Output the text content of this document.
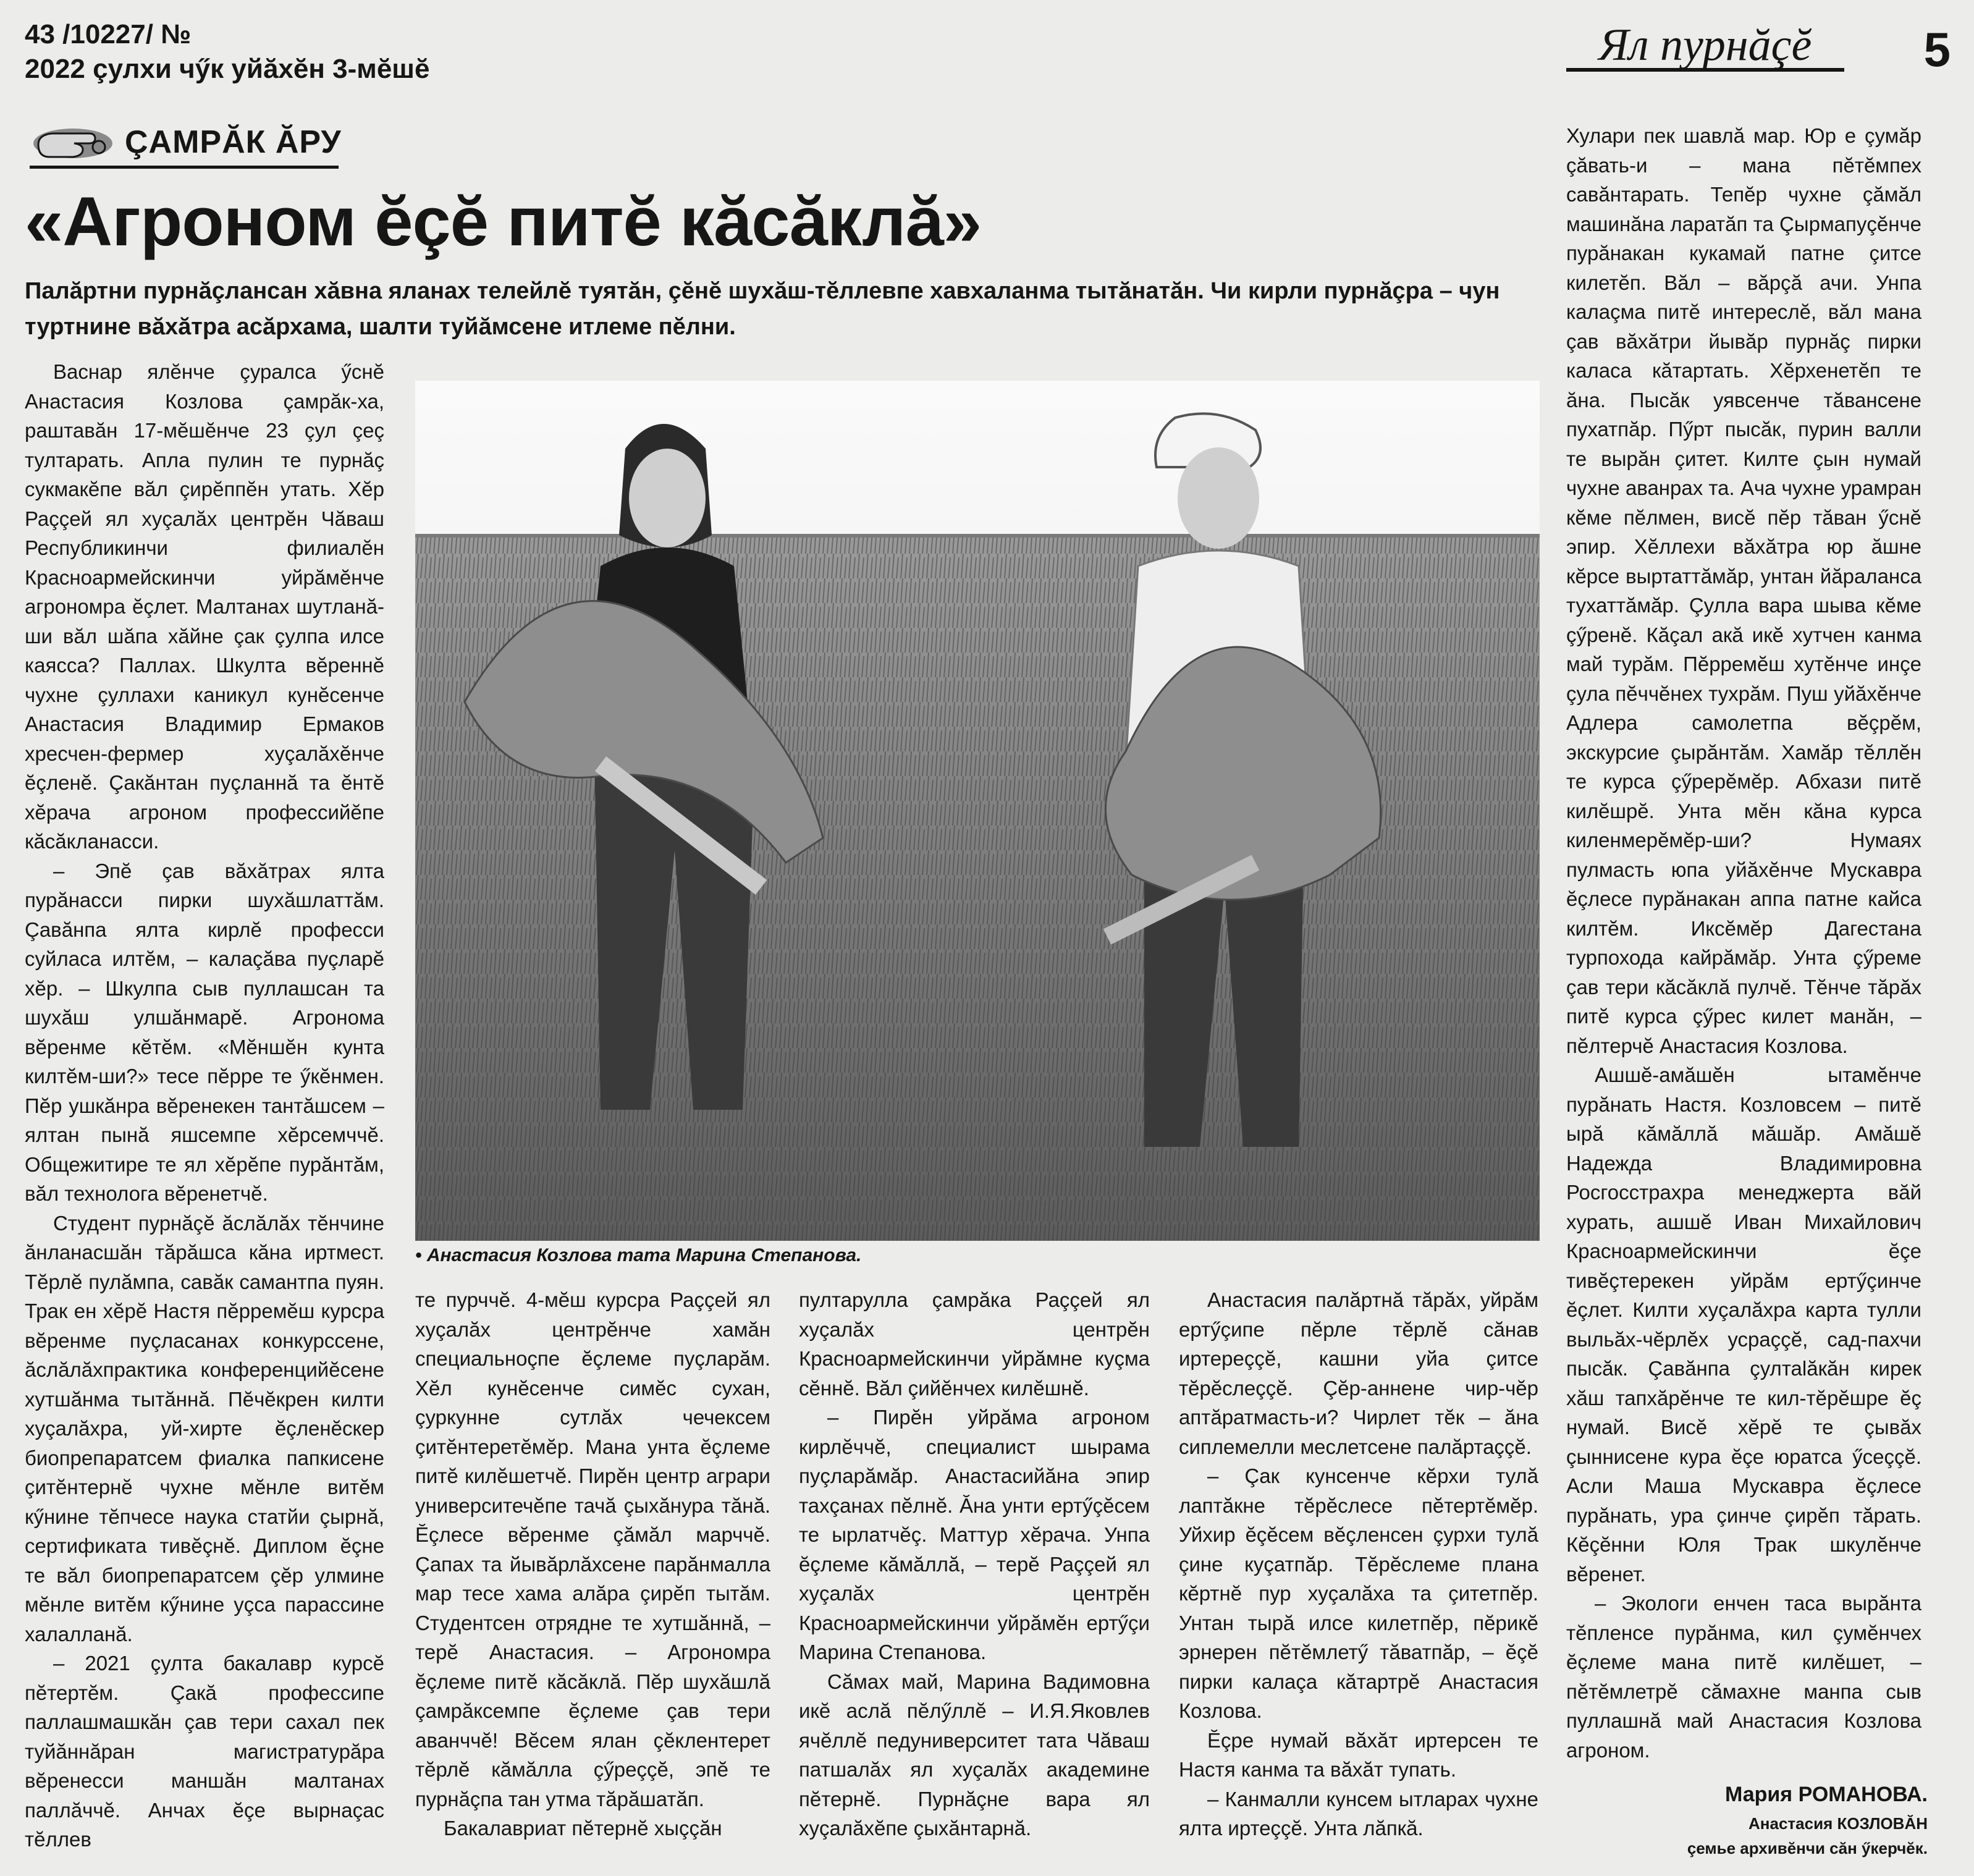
43 /10227/ №
2022 çулхи чӳк уйăхĕн 3-мĕшĕ	Ял пурнăçĕ	5
ÇАМРĂК ĂРУ
«Агроном ĕçĕ питĕ кăсăклă»
Палăртни пурнăçлансан хăвна яланах телейлĕ туятăн, çĕнĕ шухăш-тĕллевпе хавхаланма тытăнатăн. Чи кирли пурнăçра – чун туртнине вăхăтра асăрхама, шалти туйăмсене итлеме пĕлни.

Васнар ялĕнче çуралса ӳснĕ Анастасия Козлова çамрăк-ха, раштавăн 17-мĕшĕнче 23 çул çеç тултарать. Апла пулин те пурнăç сукмакĕпе вăл çирĕппĕн утать. Хĕр Раççей ял хуçалăх центрĕн Чăваш Республикинчи филиалĕн Красноармейскинчи уйрăмĕнче агрономра ĕçлет. Малтанах шутланă-ши вăл шăпа хăйне çак çулпа илсе каясса? Паллах. Шкулта вĕреннĕ чухне çуллахи каникул кунĕсенче Анастасия Владимир Ермаков хресчен-фермер хуçалăхĕнче ĕçленĕ. Çакăнтан пуçланнă та ĕнтĕ хĕрача агроном профессийĕпе кăсăкланасси.

– Эпĕ çав вăхăтрах ялта пурăнасси пирки шухăшлаттăм. Çавăнпа ялта кирлĕ професси суйласа илтĕм, – калаçăва пуçларĕ хĕр. – Шкулпа сыв пуллашсан та шухăш улшăнмарĕ. Агронома вĕренме кĕтĕм. «Мĕншĕн кунта килтĕм-ши?» тесе пĕрре те ӳкĕнмен. Пĕр ушкăнра вĕренекен тантăшсем – ялтан пынă яшсемпе хĕрсемччĕ. Общежитире те ял хĕрĕпе пурăнтăм, вăл технолога вĕренетчĕ.

Студент пурнăçĕ ăслăлăх тĕнчине ăнланасшăн тăрăшса кăна иртмест. Тĕрлĕ пулăмпа, савăк самантпа пуян. Трак ен хĕрĕ Настя пĕрремĕш курсра вĕренме пуçласанах конкурссене, ăслăлăхпрактика конференцийĕсене хутшăнма тытăннă. Пĕчĕкрен килти хуçалăхра, уй-хирте ĕçленĕскер биопрепаратсем фиалка папкисене çитĕнтернĕ чухне мĕнле витĕм кӳнине тĕпчесе наука статйи çырнă, сертификата тивĕçнĕ. Диплом ĕçне те вăл биопрепаратсем çĕр улмине мĕнле витĕм кӳнине уçса парассине халалланă.

– 2021 çулта бакалавр курсĕ пĕтертĕм. Çакă профессипе паллашмашкăн çав тери сахал пек туйăннăран магистратурăра вĕренесси маншăн малтанах паллăччĕ. Анчах ĕçе вырнаçас тĕллев

• Анастасия Козлова тата Марина Степанова.

те пурччĕ. 4-мĕш курсра Раççей ял хуçалăх центрĕнче хамăн специальноçпе ĕçлеме пуçларăм. Хĕл кунĕсенче симĕс сухан, çуркунне сутлăх чечексем çитĕнтеретĕмĕр. Мана унта ĕçлеме питĕ килĕшетчĕ. Пирĕн центр аграри университечĕпе тачă çыхăнура тăнă. Ĕçлесе вĕренме çăмăл марччĕ. Çапах та йывăрлăхсене парăнмалла мар тесе хама алăра çирĕп тытăм. Студентсен отрядне те хутшăннă, – терĕ Анастасия. – Агрономра ĕçлеме питĕ кăсăклă. Пĕр шухăшлă çамрăксемпе ĕçлеме çав тери аванччĕ! Вĕсем ялан çĕклентерет тĕрлĕ кăмăлла çӳреççĕ, эпĕ те пурнăçпа тан утма тăрăшатăп.

Бакалавриат пĕтернĕ хыççăн

пултарулла çамрăка Раççей ял хуçалăх центрĕн Красноармейскинчи уйрăмне куçма сĕннĕ. Вăл çийĕнчех килĕшнĕ.

– Пирĕн уйрăма агроном кирлĕччĕ, специалист шырама пуçларăмăр. Анастасийăна эпир тахçанах пĕлнĕ. Ăна унти ертӳçĕсем те ырлатчĕç. Маттур хĕрача. Унпа ĕçлеме кăмăллă, – терĕ Раççей ял хуçалăх центрĕн Красноармейскинчи уйрăмĕн ертӳçи Марина Степанова.

Сăмах май, Марина Вадимовна икĕ аслă пĕлӳллĕ – И.Я.Яковлев ячĕллĕ педуниверситет тата Чăваш патшалăх ял хуçалăх академине пĕтернĕ. Пурнăçне вара ял хуçалăхĕпе çыхăнтарнă.

Анастасия палăртнă тăрăх, уйрăм ертӳçипе пĕрле тĕрлĕ сăнав иртереççĕ, кашни уйа çитсе тĕрĕслеççĕ. Çĕр-аннене чир-чĕр аптăратмасть-и? Чирлет тĕк – ăна сиплемелли меслетсене палăртаççĕ.

– Çак кунсенче кĕрхи тулă лаптăкне тĕрĕслесе пĕтертĕмĕр. Уйхир ĕçĕсем вĕçленсен çурхи тулă çине куçатпăр. Тĕрĕслеме плана кĕртнĕ пур хуçалăха та çитетпĕр. Унтан тырă илсе килетпĕр, пĕрикĕ эрнерен пĕтĕмлетӳ тăватпăр, – ĕçĕ пирки калаçа кăтартрĕ Анастасия Козлова.

Ĕçре нумай вăхăт иртерсен те Настя канма та вăхăт тупать.

– Канмалли кунсем ытларах чухне ялта иртеççĕ. Унта лăпкă.

Хулари пек шавлă мар. Юр е çумăр çăвать-и – мана пĕтĕмпех савăнтарать. Тепĕр чухне çăмăл машинăна ларатăп та Çырмапуçĕнче пурăнакан кукамай патне çитсе килетĕп. Вăл – вăрçă ачи. Унпа калаçма питĕ интереслĕ, вăл мана çав вăхăтри йывăр пурнăç пирки каласа кăтартать. Хĕрхенетĕп те ăна. Пысăк уявсенче тăвансене пухатпăр. Пӳрт пысăк, пурин валли те вырăн çитет. Килте çын нумай чухне аванрах та. Ача чухне урамран кĕме пĕлмен, висĕ пĕр тăван ӳснĕ эпир. Хĕллехи вăхăтра юр ăшне кĕрсе выртаттăмăр, унтан йăраланса тухаттăмăр. Çулла вара шыва кĕме çӳренĕ. Кăçал акă икĕ хутчен канма май турăм. Пĕрремĕш хутĕнче инçе çула пĕччĕнех тухрăм. Пуш уйăхĕнче Адлера самолетпа вĕçрĕм, экскурсие çырăнтăм. Хамăр тĕллĕн те курса çӳрерĕмĕр. Абхази питĕ килĕшрĕ. Унта мĕн кăна курса киленмерĕмĕр-ши? Нумаях пулмасть юпа уйăхĕнче Мускавра ĕçлесе пурăнакан аппа патне кайса килтĕм. Иксĕмĕр Дагестана турпохода кайрăмăр. Унта çӳреме çав тери кăсăклă пулчĕ. Тĕнче тăрăх питĕ курса çӳрес килет манăн, – пĕлтерчĕ Анастасия Козлова.

Ашшĕ-амăшĕн ытамĕнче пурăнать Настя. Козловсем – питĕ ырă кăмăллă мăшăр. Амăшĕ Надежда Владимировна Росгосстрахра менеджерта вăй хурать, ашшĕ Иван Михайлович Красноармейскинчи ĕçе тивĕçтерекен уйрăм ертӳçинче ĕçлет. Килти хуçалăхра карта тулли выльăх-чĕрлĕх усраççĕ, сад-пахчи пысăк. Çавăнпа çултаlăкăн кирек хăш тапхăрĕнче те кил-тĕрĕшре ĕç нумай. Висĕ хĕрĕ те çывăх çыннисене кура ĕçе юратса ӳсеççĕ. Асли Маша Мускавра ĕçлесе пурăнать, ура çинче çирĕп тăрать. Кĕçĕнни Юля Трак шкулĕнче вĕренет.

– Экологи енчен таса вырăнта тĕпленсе пурăнма, кил çумĕнчех ĕçлеме мана питĕ килĕшет, – пĕтĕмлетрĕ сăмахне манпа сыв пуллашнă май Анастасия Козлова агроном.

Мария РОМАНОВА.
Анастасия КОЗЛОВĂН
çемье архивĕнчи сăн ӳкерчĕк.
